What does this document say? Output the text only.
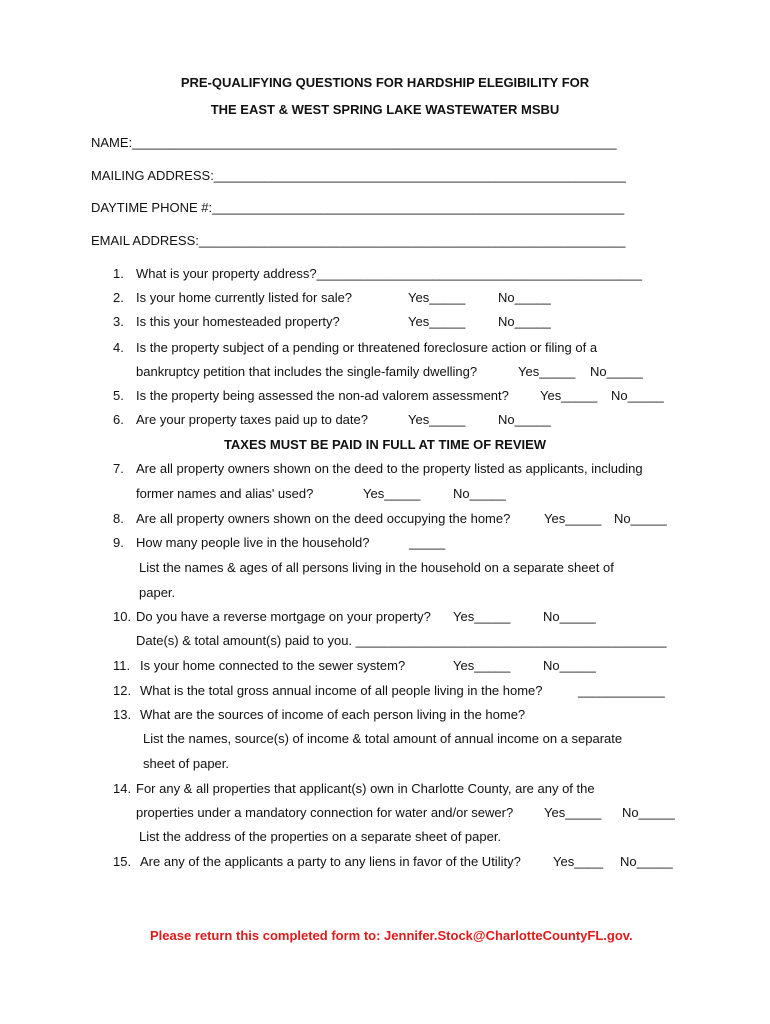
PRE-QUALIFYING QUESTIONS FOR HARDSHIP ELEGIBILITY FOR
THE EAST & WEST SPRING LAKE WASTEWATER MSBU
NAME:___________________________________________________________________
MAILING ADDRESS:_________________________________________________________
DAYTIME PHONE #:_________________________________________________________
EMAIL ADDRESS:___________________________________________________________
1. What is your property address?_____________________________________________
2. Is your home currently listed for sale?	Yes_____	No_____
3. Is this your homesteaded property?	Yes_____	No_____
4. Is the property subject of a pending or threatened foreclosure action or filing of a
bankruptcy petition that includes the single-family dwelling?	Yes_____ No_____
5. Is the property being assessed the non-ad valorem assessment? Yes_____ No_____
6. Are your property taxes paid up to date?	Yes_____	No_____
TAXES MUST BE PAID IN FULL AT TIME OF REVIEW
7. Are all property owners shown on the deed to the property listed as applicants, including
former names and alias' used?	Yes_____	No_____
8. Are all property owners shown on the deed occupying the home?	Yes_____ No_____
9. How many people live in the household?	_____
List the names & ages of all persons living in the household on a separate sheet of
paper.
10. Do you have a reverse mortgage on your property? Yes_____	No_____
Date(s) & total amount(s) paid to you. ___________________________________________
11. Is your home connected to the sewer system?	Yes_____	No_____
12. What is the total gross annual income of all people living in the home?	____________
13. What are the sources of income of each person living in the home?
List the names, source(s) of income & total amount of annual income on a separate
sheet of paper.
14. For any & all properties that applicant(s) own in Charlotte County, are any of the
properties under a mandatory connection for water and/or sewer? Yes_____ No_____
List the address of the properties on a separate sheet of paper.
15. Are any of the applicants a party to any liens in favor of the Utility? Yes____ No_____
Please return this completed form to: Jennifer.Stock@CharlotteCountyFL.gov.
